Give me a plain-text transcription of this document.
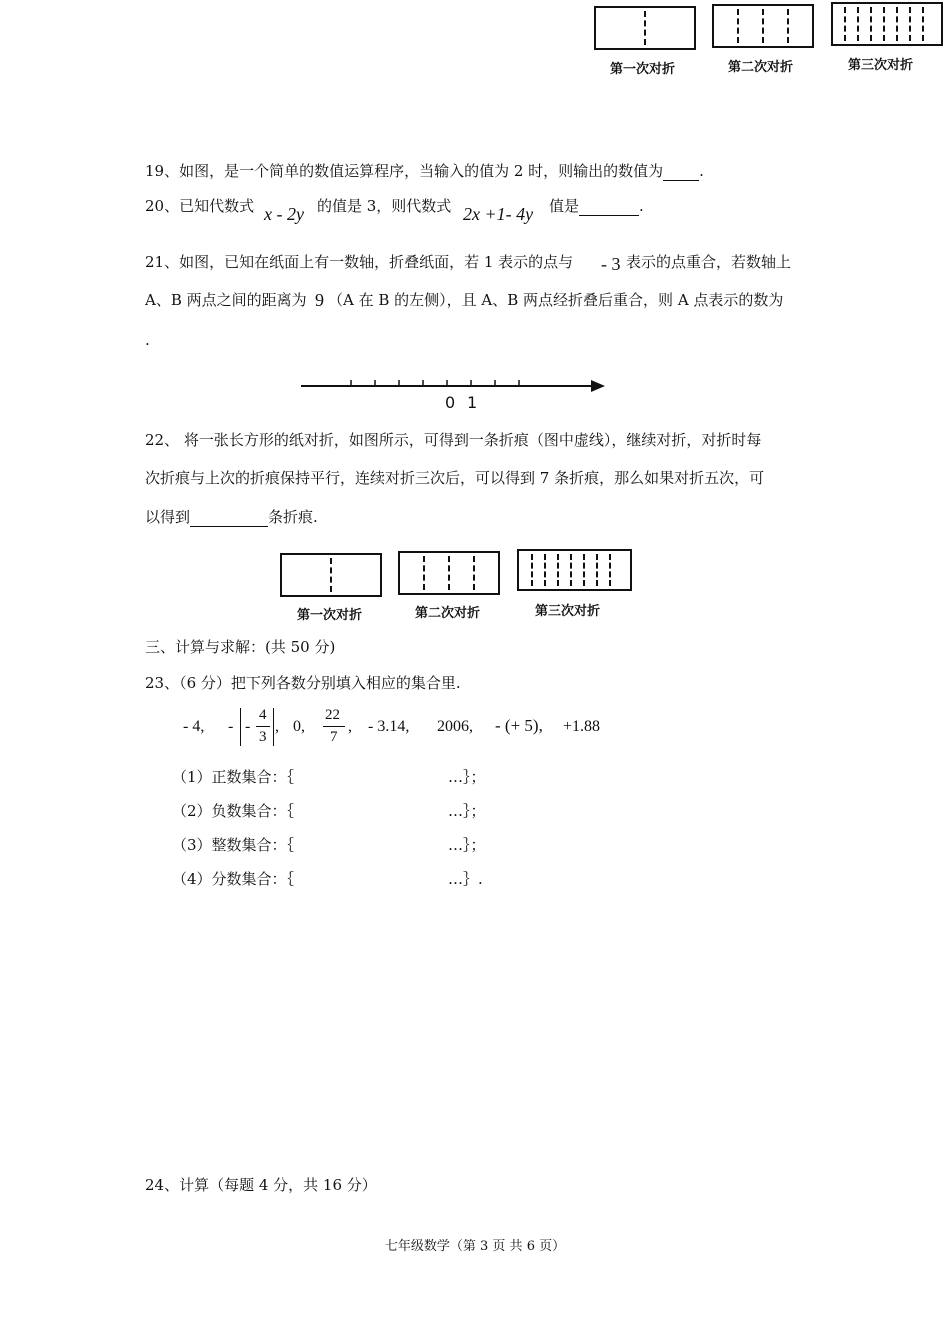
第一次对折	第二次对折	第三次对折
19、如图，是一个简单的数值运算程序，当输入的值为 2 时，则输出的数值为 .
20、已知代数式 x - 2y 的值是 3，则代数式 2x +1- 4y 值是	.
21、如图，已知在纸面上有一数轴，折叠纸面，若 1 表示的点与 - 3 表示的点重合，若数轴上
A、B 两点之间的距离为 9 （A 在 B 的左侧），且 A、B 两点经折叠后重合，则 A 点表示的数为
.
0 1
22、 将一张长方形的纸对折，如图所示，可得到一条折痕（图中虚线），继续对折，对折时每
次折痕与上次的折痕保持平行，连续对折三次后，可以得到 7 条折痕，那么如果对折五次，可
以得到	条折痕.
第一次对折	第二次对折	第三次对折
三、计算与求解：(共 50 分)
23、（6 分）把下列各数分别填入相应的集合里.
- 4, - -
4
3
, 0,
22
7
, - 3.14, 2006, - (+ 5), +1.88
（1）正数集合：｛	…｝；
（2）负数集合：｛	…｝；
（3）整数集合：｛	…｝；
（4）分数集合：｛	…｝.
24、计算（每题 4 分，共 16 分）
七年级数学（第 3 页 共 6 页）
